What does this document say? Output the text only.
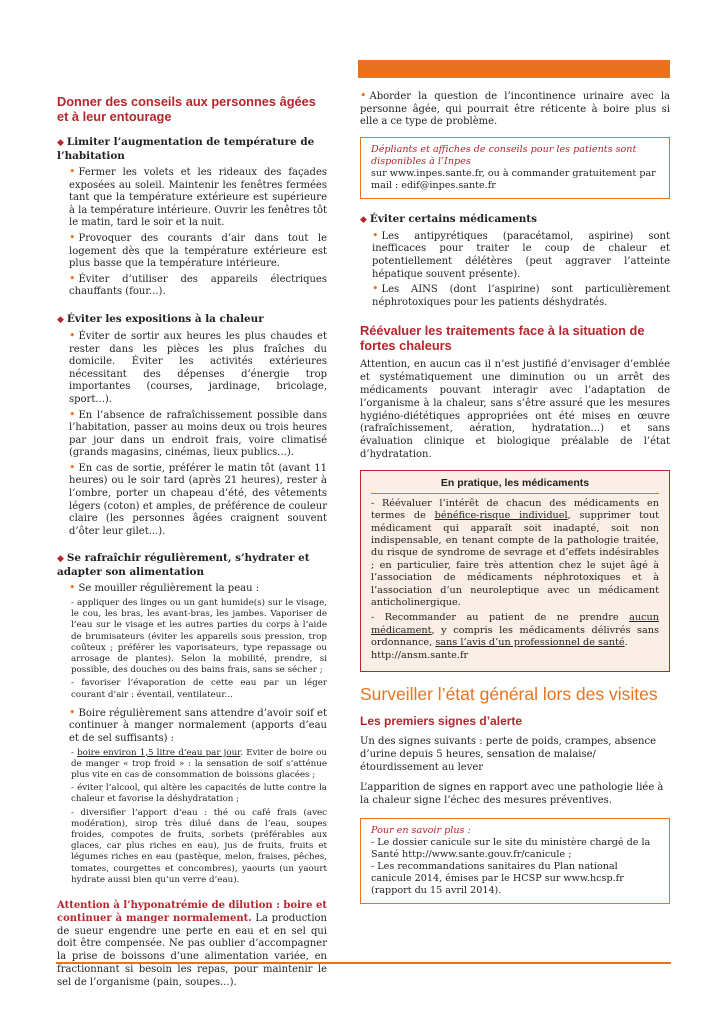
Donner des conseils aux personnes âgées et à leur entourage
◆ Limiter l’augmentation de température de l’habitation
• Fermer les volets et les rideaux des façades exposées au soleil. Maintenir les fenêtres fermées tant que la température extérieure est supérieure à la température intérieure. Ouvrir les fenêtres tôt le matin, tard le soir et la nuit.
• Provoquer des courants d’air dans tout le logement dès que la température extérieure est plus basse que la température intérieure.
• Éviter d’utiliser des appareils électriques chauffants (four...).
◆ Éviter les expositions à la chaleur
• Éviter de sortir aux heures les plus chaudes et rester dans les pièces les plus fraîches du domicile. Éviter les activités extérieures nécessitant des dépenses d’énergie trop importantes (courses, jardinage, bricolage, sport...).
• En l’absence de rafraîchissement possible dans l’habitation, passer au moins deux ou trois heures par jour dans un endroit frais, voire climatisé (grands magasins, cinémas, lieux publics...).
• En cas de sortie, préférer le matin tôt (avant 11 heures) ou le soir tard (après 21 heures), rester à l’ombre, porter un chapeau d’été, des vêtements légers (coton) et amples, de préférence de couleur claire (les personnes âgées craignent souvent d’ôter leur gilet...).
◆ Se rafraîchir régulièrement, s’hydrater et adapter son alimentation
• Se mouiller régulièrement la peau :
- appliquer des linges ou un gant humide(s) sur le visage, le cou, les bras, les avant-bras, les jambes. Vaporiser de l’eau sur le visage et les autres parties du corps à l’aide de brumisateurs (éviter les appareils sous pression, trop coûteux ; préférer les vaporisateurs, type repassage ou arrosage de plantes). Selon la mobilité, prendre, si possible, des douches ou des bains frais, sans se sécher ;
- favoriser l’évaporation de cette eau par un léger courant d’air : éventail, ventilateur...
• Boire régulièrement sans attendre d’avoir soif et continuer à manger normalement (apports d’eau et de sel suffisants) :
- boire environ 1,5 litre d’eau par jour. Eviter de boire ou de manger « trop froid » : la sensation de soif s’atténue plus vite en cas de consommation de boissons glacées ;
- éviter l’alcool, qui altère les capacités de lutte contre la chaleur et favorise la déshydratation ;
- diversifier l’apport d’eau : thé ou café frais (avec modération), sirop très dilué dans de l’eau, soupes froides, compotes de fruits, sorbets (préférables aux glaces, car plus riches en eau), jus de fruits, fruits et légumes riches en eau (pastèque, melon, fraises, pêches, tomates, courgettes et concombres), yaourts (un yaourt hydrate aussi bien qu’un verre d’eau).

Attention à l’hyponatrémie de dilution : boire et continuer à manger normalement. La production de sueur engendre une perte en eau et en sel qui doit être compensée. Ne pas oublier d’accompagner la prise de boissons d’une alimentation variée, en fractionnant si besoin les repas, pour maintenir le sel de l’organisme (pain, soupes...).

• Aborder la question de l’incontinence urinaire avec la personne âgée, qui pourrait être réticente à boire plus si elle a ce type de problème.
Dépliants et affiches de conseils pour les patients sont disponibles à l’Inpes
sur www.inpes.sante.fr, ou à commander gratuitement par mail : edif@inpes.sante.fr
◆ Éviter certains médicaments
• Les antipyrétiques (paracétamol, aspirine) sont inefficaces pour traiter le coup de chaleur et potentiellement délétères (peut aggraver l’atteinte hépatique souvent présente).
• Les AINS (dont l’aspirine) sont particulièrement néphrotoxiques pour les patients déshydratés.
Réévaluer les traitements face à la situation de fortes chaleurs

Attention, en aucun cas il n’est justifié d’envisager d’emblée et systématiquement une diminution ou un arrêt des médicaments pouvant interagir avec l’adaptation de l’organisme à la chaleur, sans s’être assuré que les mesures hygiéno-diététiques appropriées ont été mises en œuvre (rafraîchissement, aération, hydratation...) et sans évaluation clinique et biologique préalable de l’état d’hydratation.

En pratique, les médicaments

- Réévaluer l’intérêt de chacun des médicaments en termes de bénéfice-risque individuel, supprimer tout médicament qui apparaît soit inadapté, soit non indispensable, en tenant compte de la pathologie traitée, du risque de syndrome de sevrage et d’effets indésirables ; en particulier, faire très attention chez le sujet âgé à l’association de médicaments néphrotoxiques et à l’association d’un neuroleptique avec un médicament anticholinergique.

- Recommander au patient de ne prendre aucun médicament, y compris les médicaments délivrés sans ordonnance, sans l’avis d’un professionnel de santé.
http://ansm.sante.fr

Surveiller l’état général lors des visites
Les premiers signes d’alerte

Un des signes suivants : perte de poids, crampes, absence d’urine depuis 5 heures, sensation de malaise/étourdissement au lever

L’apparition de signes en rapport avec une pathologie liée à la chaleur signe l’échec des mesures préventives.

Pour en savoir plus :
- Le dossier canicule sur le site du ministère chargé de la Santé http://www.sante.gouv.fr/canicule ;
- Les recommandations sanitaires du Plan national canicule 2014, émises par le HCSP sur www.hcsp.fr (rapport du 15 avril 2014).
